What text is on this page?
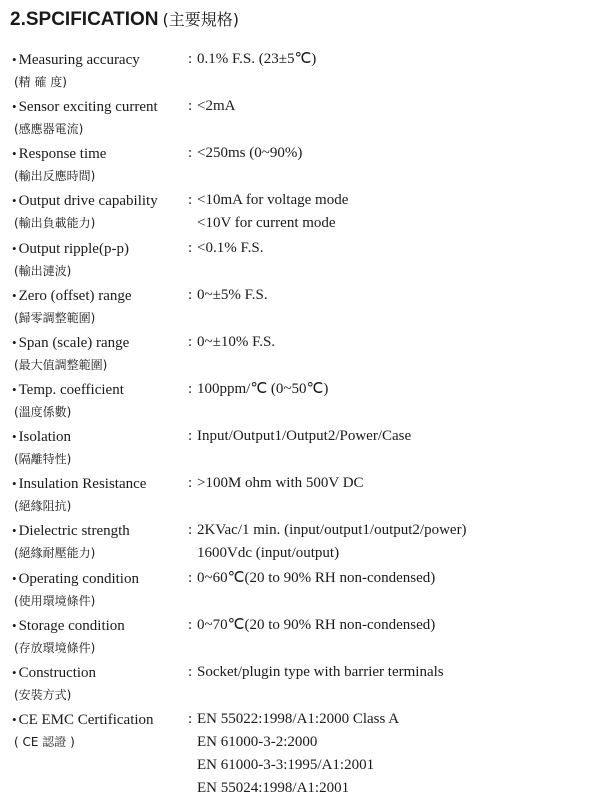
2.SPCIFICATION (主要規格)
• Measuring accuracy
(精 確 度)
: 0.1% F.S. (23±5℃)
• Sensor exciting current
(感應器電流)
: <2mA
• Response time
(輸出反應時間)
: <250ms (0~90%)
• Output drive capability
(輸出負載能力)
: <10mA for voltage mode
<10V for current mode
• Output ripple(p-p)
(輸出漣波)
: <0.1% F.S.
• Zero (offset) range
(歸零調整範圍)
: 0~±5% F.S.
• Span (scale) range
(最大值調整範圍)
: 0~±10% F.S.
• Temp. coefficient
(溫度係數)
: 100ppm/℃ (0~50℃)
• Isolation
(隔離特性)
: Input/Output1/Output2/Power/Case
• Insulation Resistance
(絕緣阻抗)
: >100M ohm with 500V DC
• Dielectric strength
(絕緣耐壓能力)
: 2KVac/1 min. (input/output1/output2/power)
1600Vdc (input/output)
• Operating condition
(使用環境條件)
: 0~60℃(20 to 90% RH non-condensed)
• Storage condition
(存放環境條件)
: 0~70℃(20 to 90% RH non-condensed)
• Construction
(安裝方式)
: Socket/plugin type with barrier terminals
• CE EMC Certification
( CE 認證 )
: EN 55022:1998/A1:2000 Class A
EN 61000-3-2:2000
EN 61000-3-3:1995/A1:2001
EN 55024:1998/A1:2001
